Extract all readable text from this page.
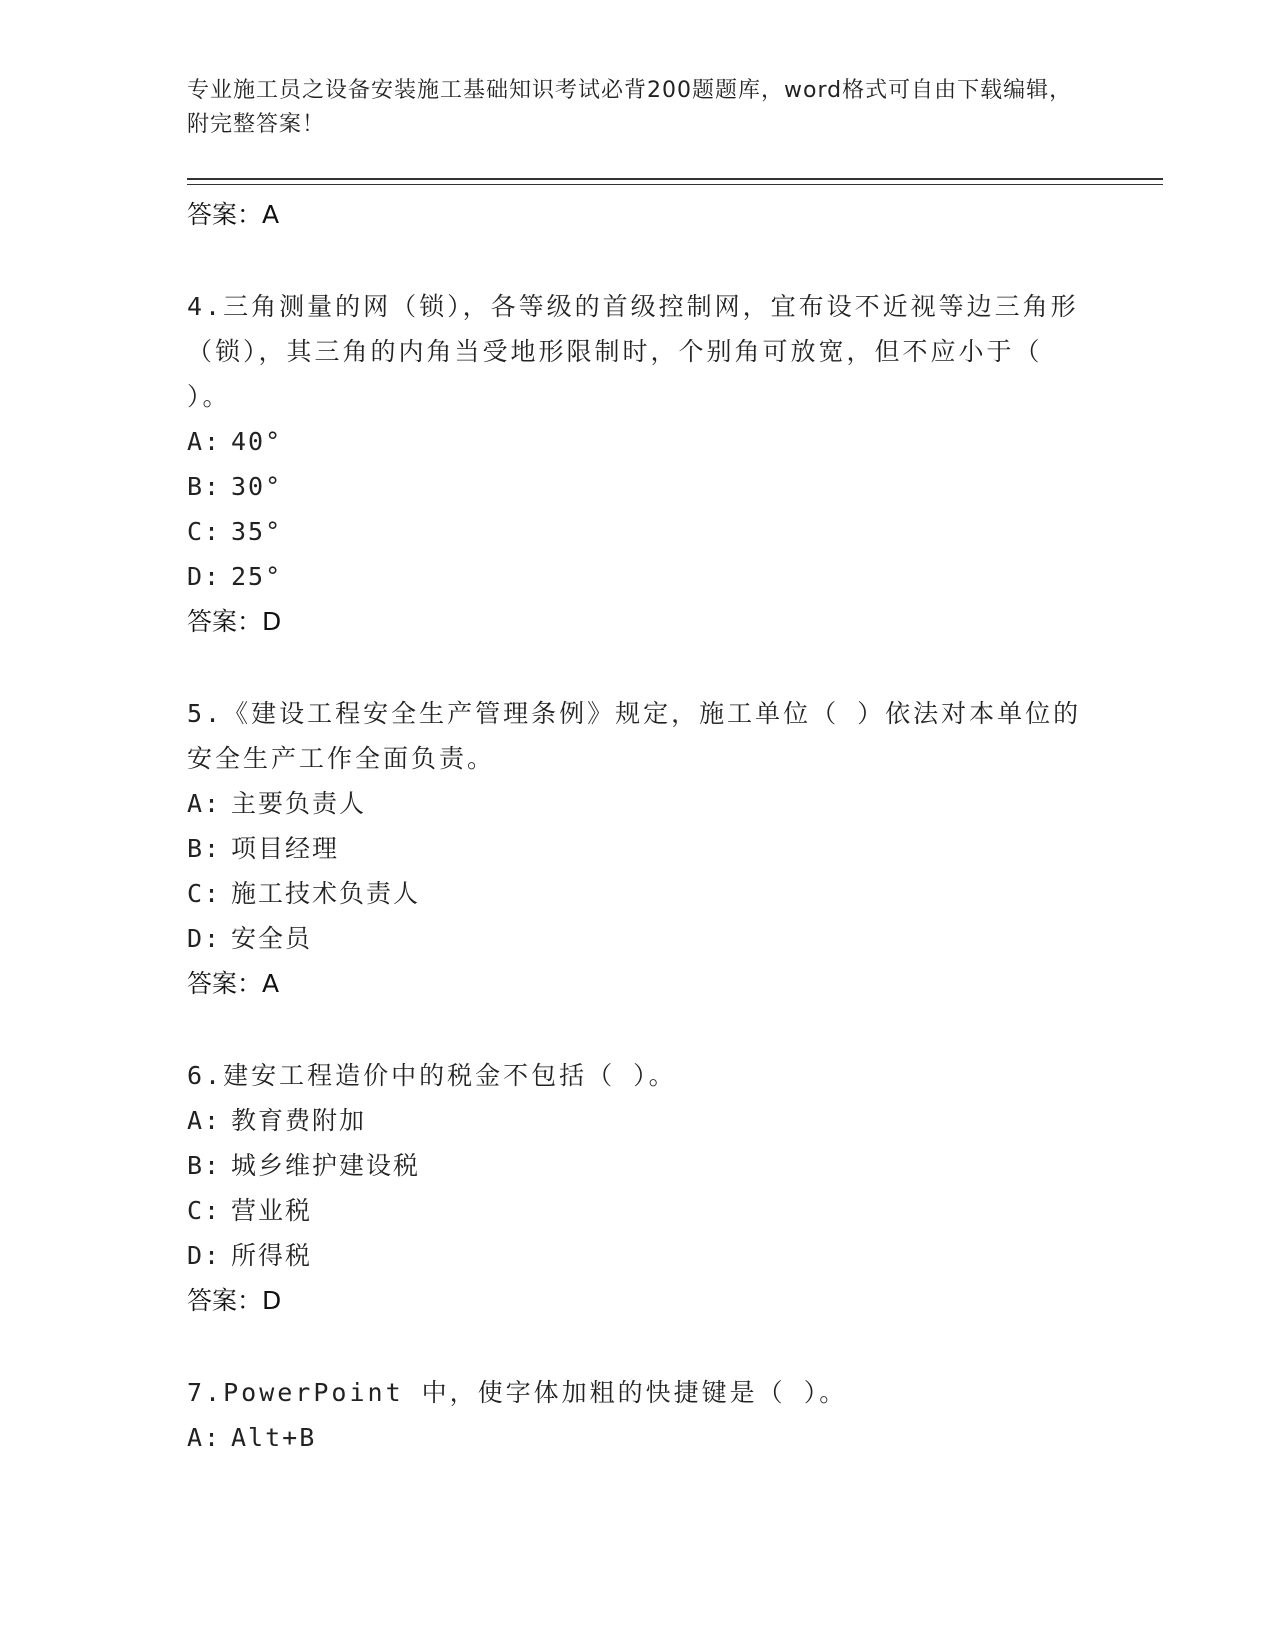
专业施工员之设备安装施工基础知识考试必背200题题库，word格式可自由下载编辑，附完整答案！
答案：A
4.三角测量的网（锁），各等级的首级控制网，宜布设不近视等边三角形（锁），其三角的内角当受地形限制时，个别角可放宽，但不应小于（ ）。
A: 40°
B: 30°
C: 35°
D: 25°
答案：D
5.《建设工程安全生产管理条例》规定，施工单位（ ）依法对本单位的安全生产工作全面负责。
A: 主要负责人
B: 项目经理
C: 施工技术负责人
D: 安全员
答案：A
6.建安工程造价中的税金不包括（ ）。
A: 教育费附加
B: 城乡维护建设税
C: 营业税
D: 所得税
答案：D
7.PowerPoint 中，使字体加粗的快捷键是（ ）。
A: Alt+B
